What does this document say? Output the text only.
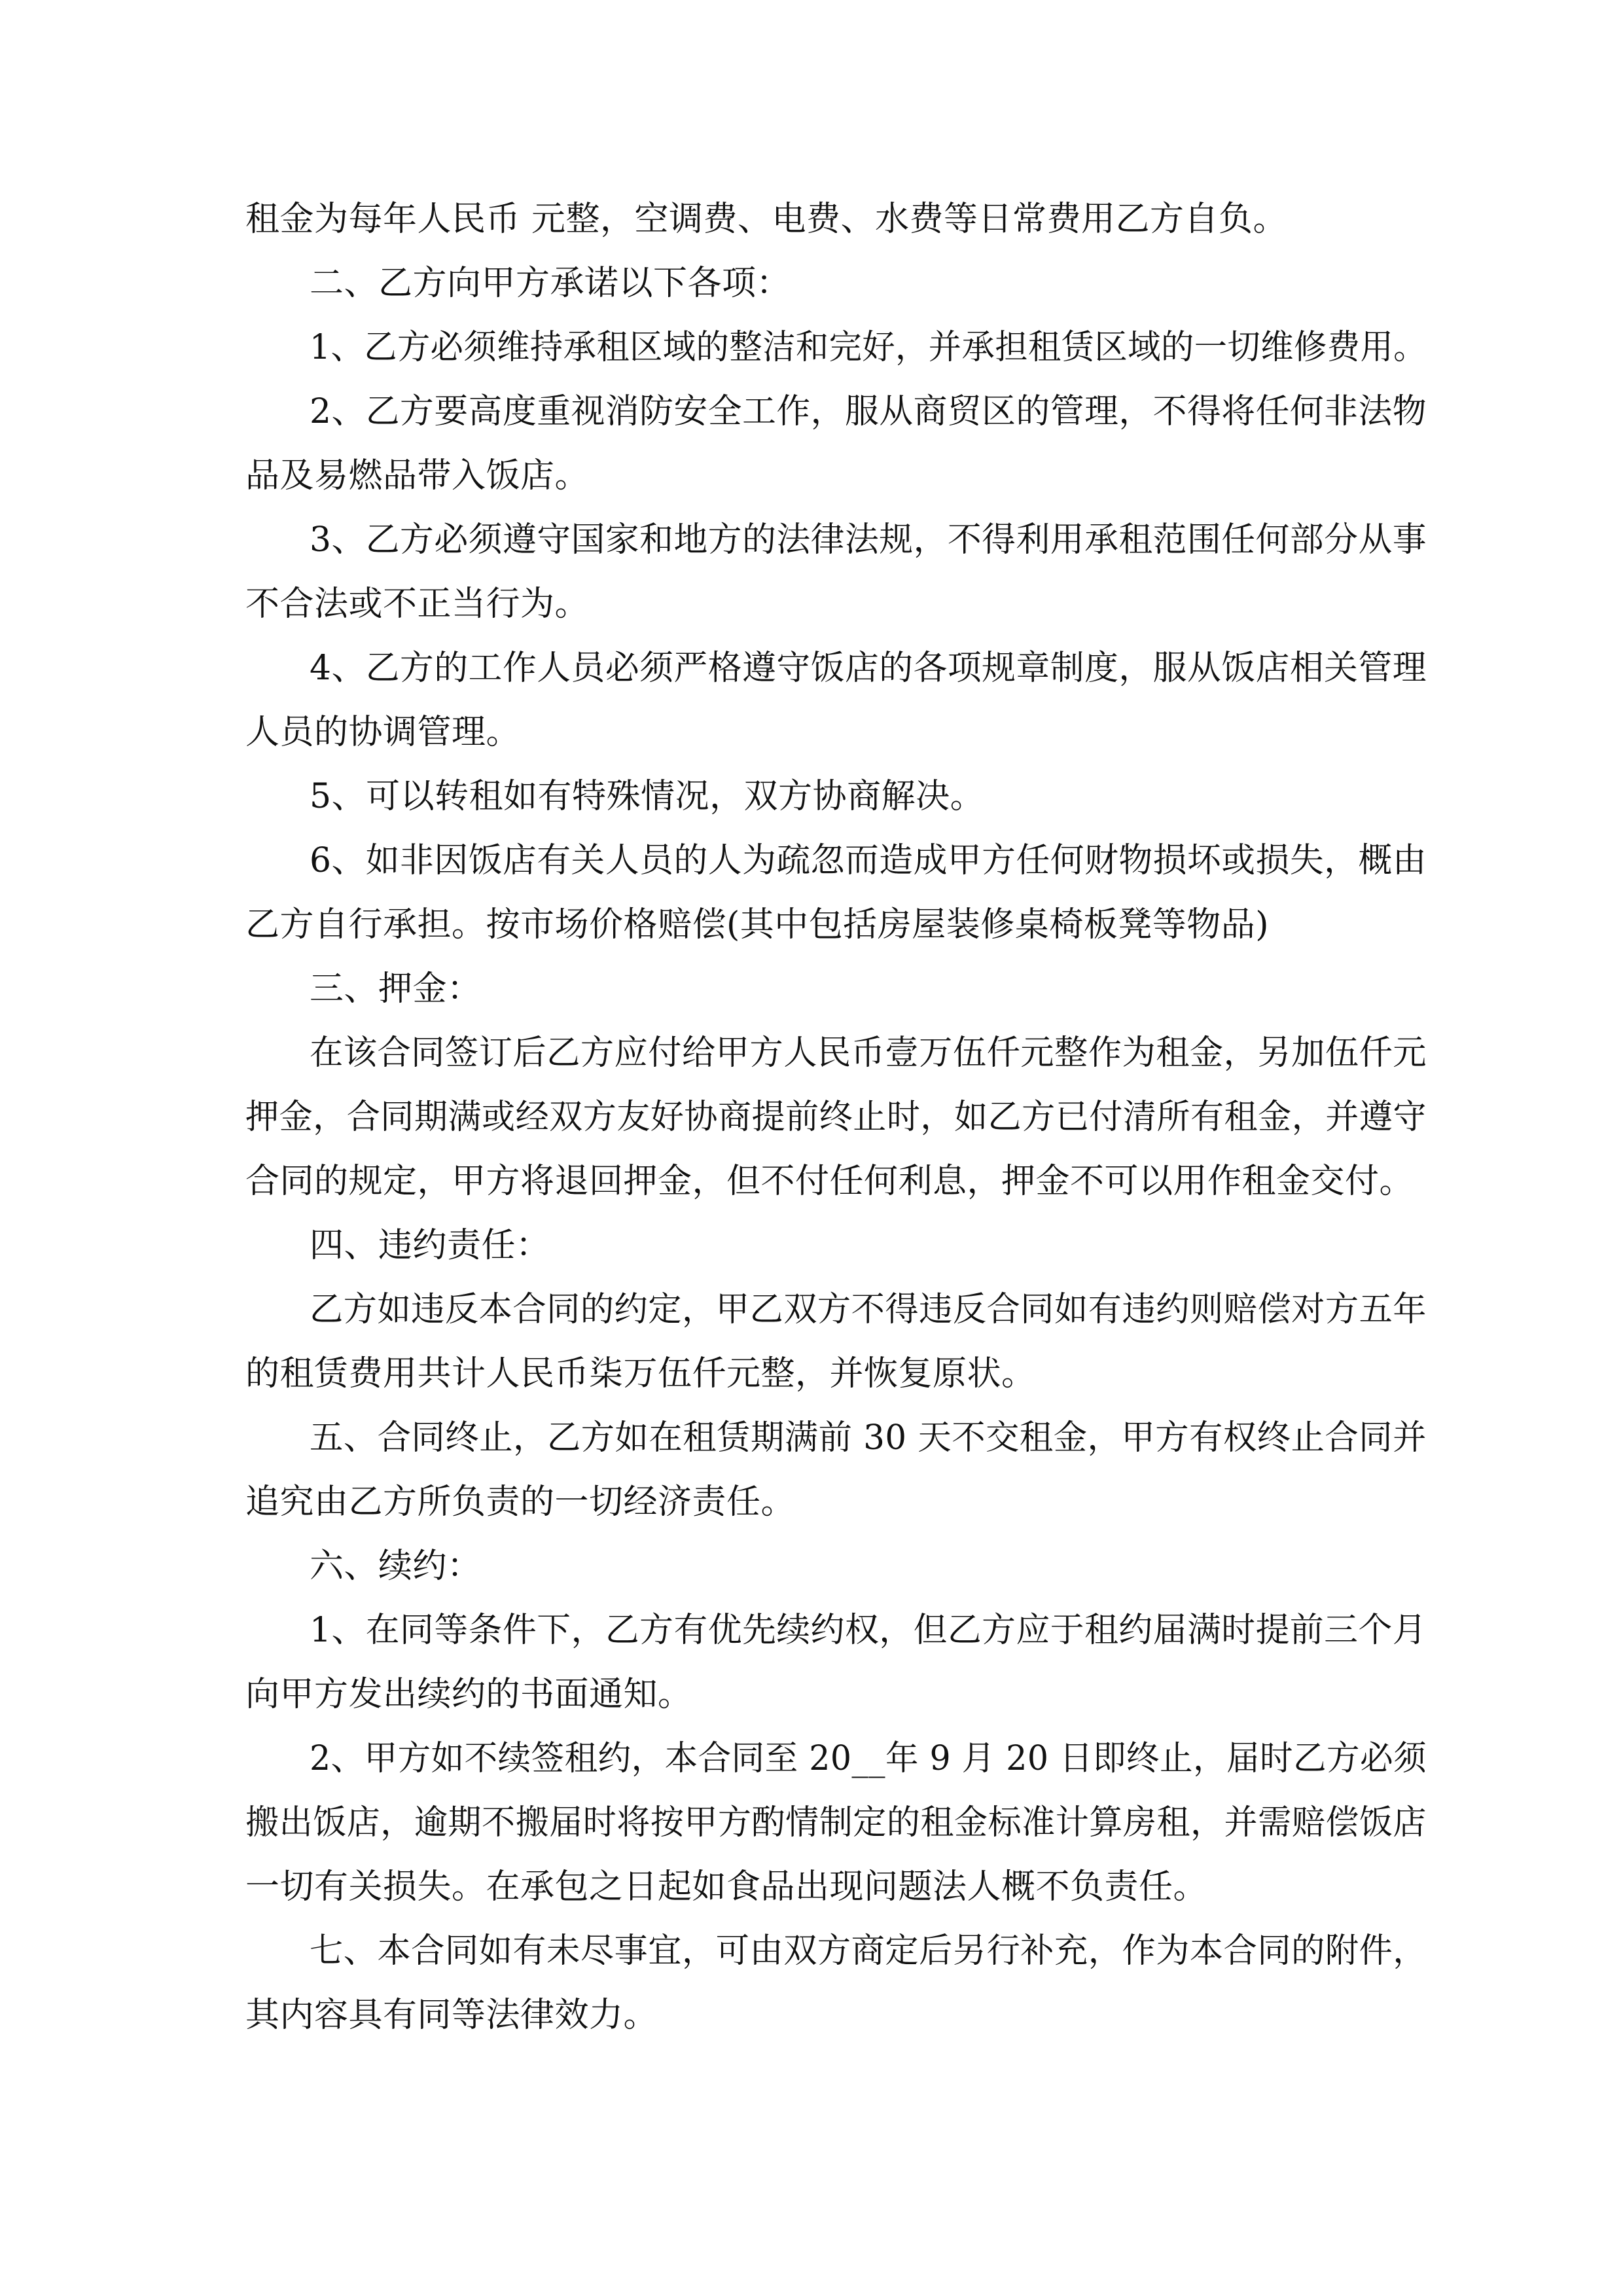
租金为每年人民币 元整，空调费、电费、水费等日常费用乙方自负。
二、乙方向甲方承诺以下各项：
1、乙方必须维持承租区域的整洁和完好，并承担租赁区域的一切维修费用。
2、乙方要高度重视消防安全工作，服从商贸区的管理，不得将任何非法物
品及易燃品带入饭店。
3、乙方必须遵守国家和地方的法律法规，不得利用承租范围任何部分从事
不合法或不正当行为。
4、乙方的工作人员必须严格遵守饭店的各项规章制度，服从饭店相关管理
人员的协调管理。
5、可以转租如有特殊情况，双方协商解决。
6、如非因饭店有关人员的人为疏忽而造成甲方任何财物损坏或损失，概由
乙方自行承担。按市场价格赔偿(其中包括房屋装修桌椅板凳等物品)
三、押金：
在该合同签订后乙方应付给甲方人民币壹万伍仟元整作为租金，另加伍仟元
押金，合同期满或经双方友好协商提前终止时，如乙方已付清所有租金，并遵守
合同的规定，甲方将退回押金，但不付任何利息，押金不可以用作租金交付。
四、违约责任：
乙方如违反本合同的约定，甲乙双方不得违反合同如有违约则赔偿对方五年
的租赁费用共计人民币柒万伍仟元整，并恢复原状。
五、合同终止，乙方如在租赁期满前 30 天不交租金，甲方有权终止合同并
追究由乙方所负责的一切经济责任。
六、续约：
1、在同等条件下，乙方有优先续约权，但乙方应于租约届满时提前三个月
向甲方发出续约的书面通知。
2、甲方如不续签租约，本合同至 20__年 9 月 20 日即终止，届时乙方必须
搬出饭店，逾期不搬届时将按甲方酌情制定的租金标准计算房租，并需赔偿饭店
一切有关损失。在承包之日起如食品出现问题法人概不负责任。
七、本合同如有未尽事宜，可由双方商定后另行补充，作为本合同的附件，
其内容具有同等法律效力。
